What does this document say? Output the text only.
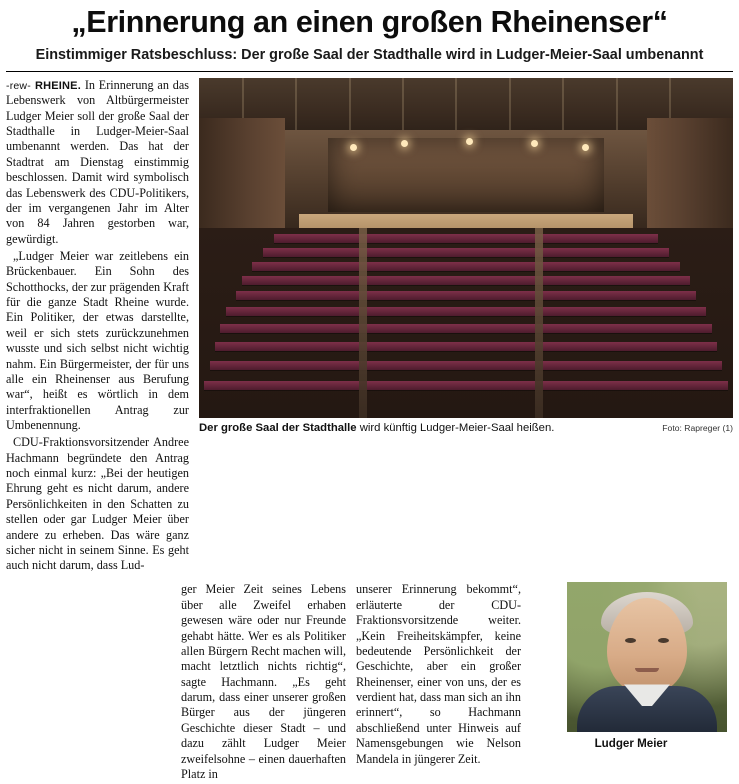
„Erinnerung an einen großen Rheinenser“
Einstimmiger Ratsbeschluss: Der große Saal der Stadthalle wird in Ludger-Meier-Saal umbenannt

-rew- RHEINE. In Erinnerung an das Lebenswerk von Altbürgermeister Ludger Meier soll der große Saal der Stadthalle in Ludger-Meier-Saal umbenannt werden. Das hat der Stadtrat am Dienstag einstimmig beschlossen. Damit wird symbolisch das Lebenswerk des CDU-Politikers, der im vergangenen Jahr im Alter von 84 Jahren gestorben war, gewürdigt.

„Ludger Meier war zeitlebens ein Brückenbauer. Ein Sohn des Schotthocks, der zur prägenden Kraft für die ganze Stadt Rheine wurde. Ein Politiker, der etwas darstellte, weil er sich stets zurückzunehmen wusste und sich selbst nicht wichtig nahm. Ein Bürgermeister, der für uns alle ein Rheinenser aus Berufung war“, heißt es wörtlich in dem interfraktionellen Antrag zur Umbenennung.

CDU-Fraktionsvorsitzender Andree Hachmann begründete den Antrag noch einmal kurz: „Bei der heutigen Ehrung geht es nicht darum, andere Persönlichkeiten in den Schatten zu stellen oder gar Ludger Meier über andere zu erheben. Das wäre ganz sicher nicht in seinem Sinne. Es geht auch nicht darum, dass Lud-

Der große Saal der Stadthalle wird künftig Ludger-Meier-Saal heißen.	Foto: Rapreger (1)

ger Meier Zeit seines Lebens über alle Zweifel erhaben gewesen wäre oder nur Freunde gehabt hätte. Wer es als Politiker allen Bürgern Recht machen will, macht letztlich nichts richtig“, sagte Hachmann. „Es geht darum, dass einer unserer großen Bürger aus der jüngeren Geschichte dieser Stadt – und dazu zählt Ludger Meier zweifelsohne – einen dauerhaften Platz in

unserer Erinnerung bekommt“, erläuterte der CDU-Fraktionsvorsitzende weiter. „Kein Freiheitskämpfer, keine bedeutende Persönlichkeit der Geschichte, aber ein großer Rheinenser, einer von uns, der es verdient hat, dass man sich an ihn erinnert“, so Hachmann abschließend unter Hinweis auf Namensgebungen wie Nelson Mandela in jüngerer Zeit.

Ludger Meier
